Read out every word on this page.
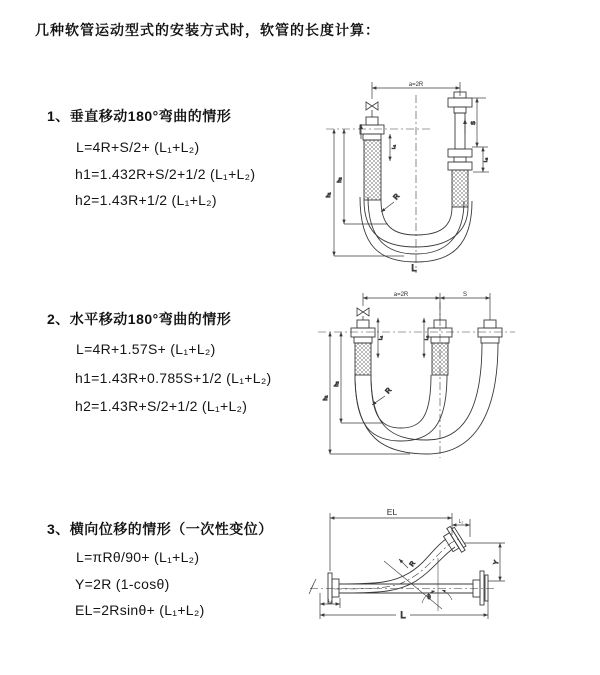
几种软管运动型式的安装方式时，软管的长度计算：
1、垂直移动180°弯曲的情形
L=4R+S/2+ (L₁+L₂)
h1=1.432R+S/2+1/2 (L₁+L₂)
h2=1.43R+1/2 (L₁+L₂)
2、水平移动180°弯曲的情形
L=4R+1.57S+ (L₁+L₂)
h1=1.43R+0.785S+1/2 (L₁+L₂)
h2=1.43R+S/2+1/2 (L₁+L₂)
3、横向位移的情形（一次性变位）
L=πRθ/90+ (L₁+L₂)
Y=2R (1-cosθ)
EL=2Rsinθ+ (L₁+L₂)
a=2R
h₁
h₂
L₁
S
L₂
R
L
a=2R	S
h₁
h₂
L₁	L₂
R
EL
L₂
Y
θ
R
L
L₁
